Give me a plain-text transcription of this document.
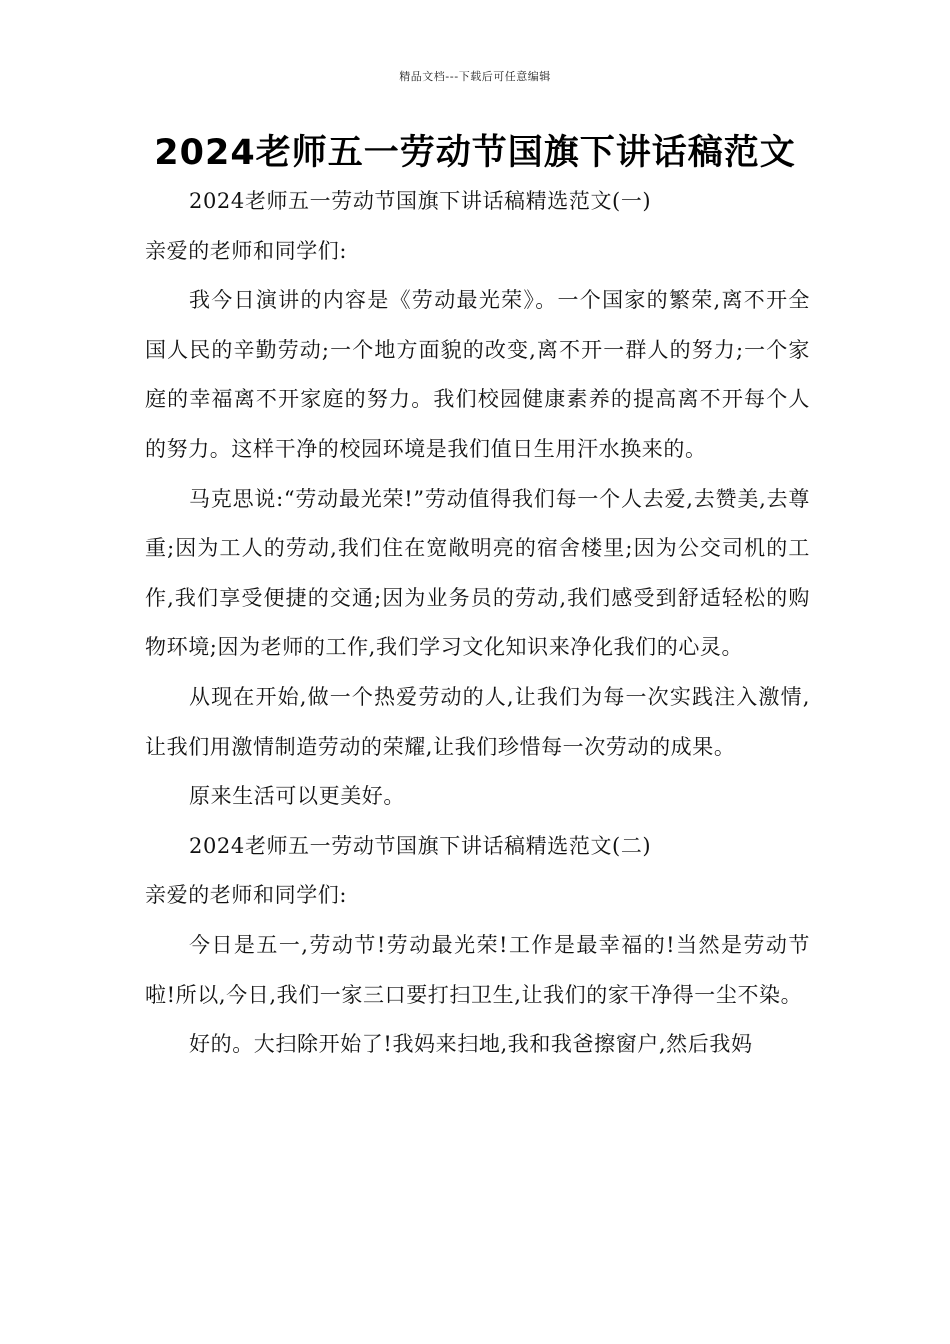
精品文档---下载后可任意编辑
2024老师五一劳动节国旗下讲话稿范文

2024老师五一劳动节国旗下讲话稿精选范文(一)

亲爱的老师和同学们:

我今日演讲的内容是《劳动最光荣》。一个国家的繁荣,离不开全国人民的辛勤劳动;一个地方面貌的改变,离不开一群人的努力;一个家庭的幸福离不开家庭的努力。我们校园健康素养的提高离不开每个人的努力。这样干净的校园环境是我们值日生用汗水换来的。

马克思说:“劳动最光荣!”劳动值得我们每一个人去爱,去赞美,去尊重;因为工人的劳动,我们住在宽敞明亮的宿舍楼里;因为公交司机的工作,我们享受便捷的交通;因为业务员的劳动,我们感受到舒适轻松的购物环境;因为老师的工作,我们学习文化知识来净化我们的心灵。

从现在开始,做一个热爱劳动的人,让我们为每一次实践注入激情,让我们用激情制造劳动的荣耀,让我们珍惜每一次劳动的成果。

原来生活可以更美好。

2024老师五一劳动节国旗下讲话稿精选范文(二)

亲爱的老师和同学们:

今日是五一,劳动节!劳动最光荣!工作是最幸福的!当然是劳动节啦!所以,今日,我们一家三口要打扫卫生,让我们的家干净得一尘不染。

好的。大扫除开始了!我妈来扫地,我和我爸擦窗户,然后我妈
